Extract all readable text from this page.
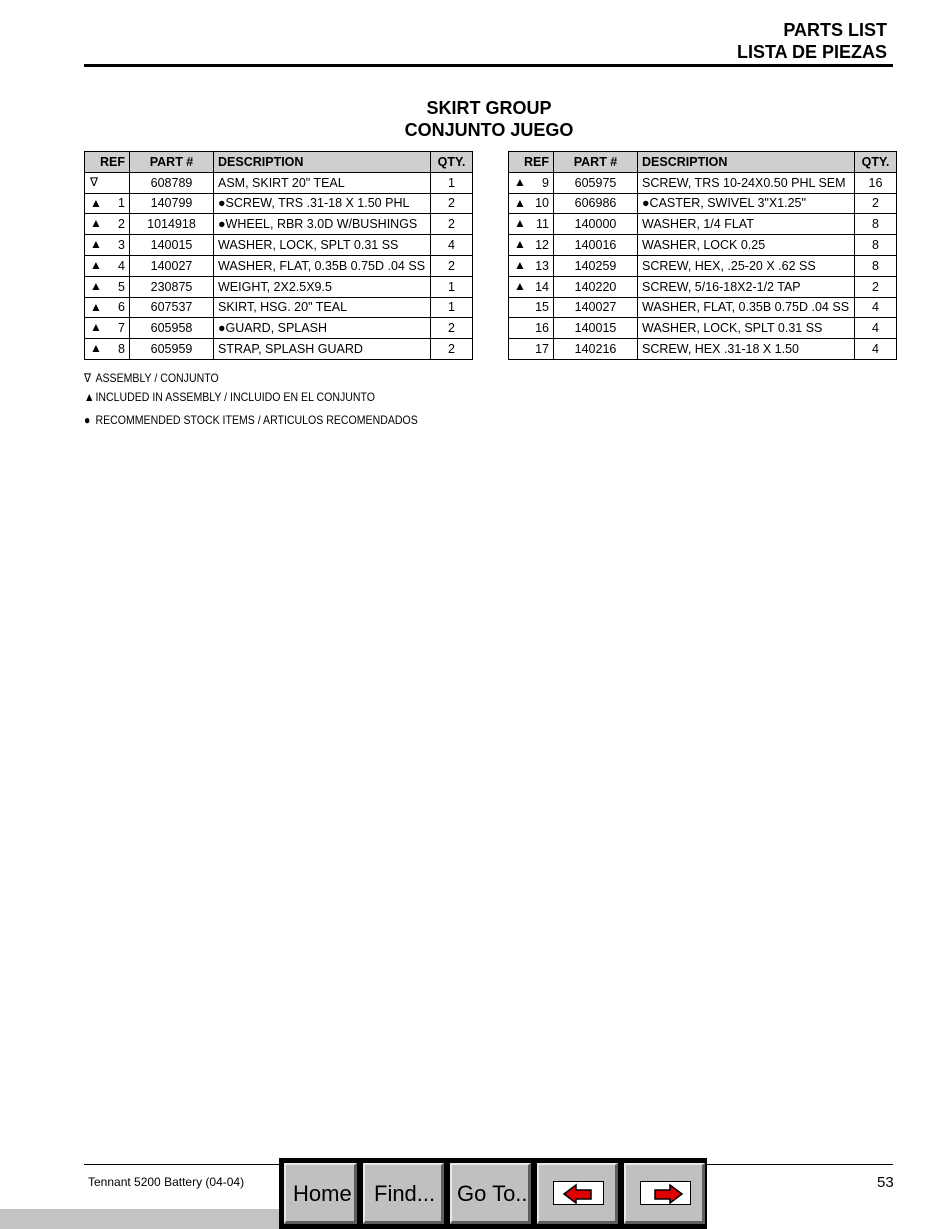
PARTS LIST
LISTA DE PIEZAS
SKIRT GROUP
CONJUNTO JUEGO
REF	PART #	DESCRIPTION	QTY.

∇	608789	ASM, SKIRT 20" TEAL	1

▲ 1	140799	●SCREW, TRS .31-18 X 1.50 PHL	2

▲ 2	1014918	●WHEEL, RBR 3.0D W/BUSHINGS	2

▲ 3	140015	WASHER, LOCK, SPLT 0.31 SS	4

▲ 4	140027	WASHER, FLAT, 0.35B 0.75D .04 SS	2

▲ 5	230875	WEIGHT, 2X2.5X9.5	1

▲ 6	607537	SKIRT, HSG. 20" TEAL	1

▲ 7	605958	●GUARD, SPLASH	2

▲ 8	605959	STRAP, SPLASH GUARD	2
REF	PART #	DESCRIPTION	QTY.

▲ 9	605975	SCREW, TRS 10-24X0.50 PHL SEM	16

▲ 10	606986	●CASTER, SWIVEL 3"X1.25"	2

▲ 11	140000	WASHER, 1/4 FLAT	8

▲ 12	140016	WASHER, LOCK 0.25	8

▲ 13	140259	SCREW, HEX, .25-20 X .62 SS	8

▲ 14	140220	SCREW, 5/16-18X2-1/2 TAP	2

15	140027	WASHER, FLAT, 0.35B 0.75D .04 SS	4

16	140015	WASHER, LOCK, SPLT 0.31 SS	4

17	140216	SCREW, HEX .31-18 X 1.50	4
∇ ASSEMBLY / CONJUNTO
▲INCLUDED IN ASSEMBLY / INCLUIDO EN EL CONJUNTO
● RECOMMENDED STOCK ITEMS / ARTICULOS RECOMENDADOS
Tennant 5200 Battery (04-04)	53
Home	Find... Go To..
